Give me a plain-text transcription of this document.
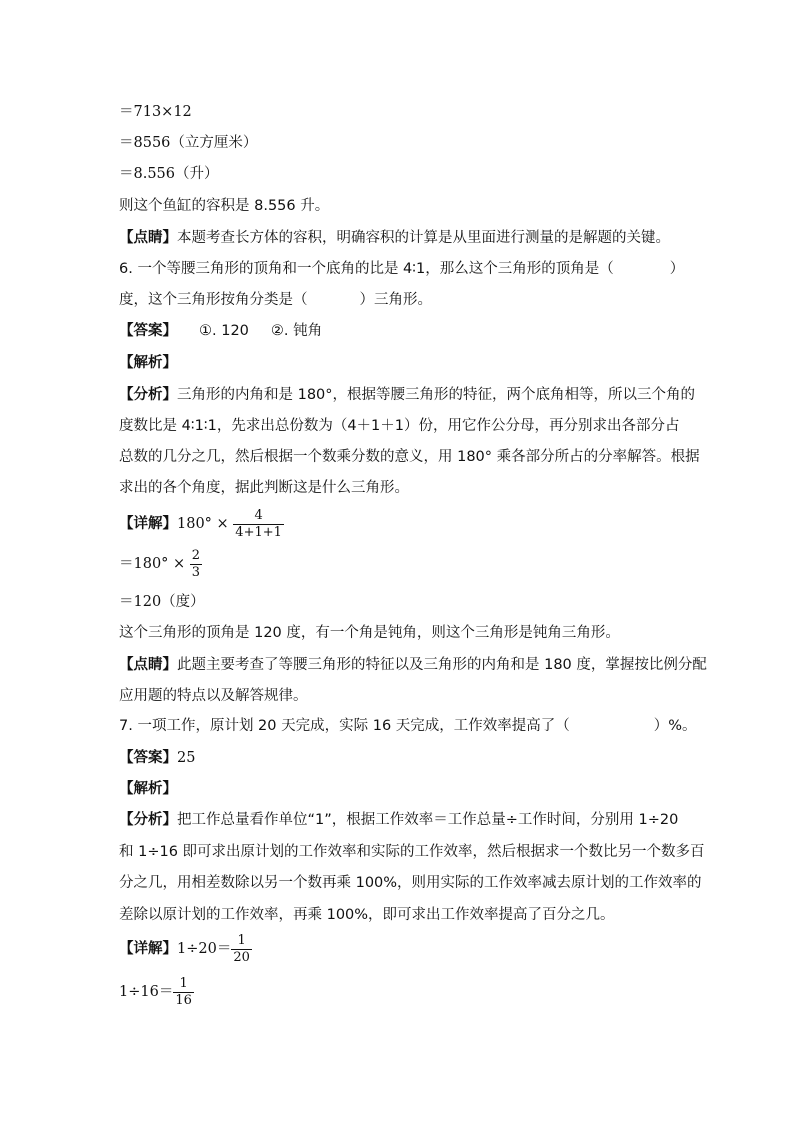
＝713×12
＝8556（立方厘米）
＝8.556（升）
则这个鱼缸的容积是 8.556 升。
【点睛】本题考查长方体的容积，明确容积的计算是从里面进行测量的是解题的关键。
6. 一个等腰三角形的顶角和一个底角的比是 4∶1，那么这个三角形的顶角是（	）
度，这个三角形按角分类是（	）三角形。
【答案】 ①. 120 ②. 钝角
【解析】
【分析】三角形的内角和是 180°，根据等腰三角形的特征，两个底角相等，所以三个角的
度数比是 4∶1∶1，先求出总份数为（4＋1＋1）份，用它作公分母，再分别求出各部分占
总数的几分之几，然后根据一个数乘分数的意义，用 180° 乘各部分所占的分率解答。根据
求出的各个角度，据此判断这是什么三角形。
【详解】$180^\circ \times \frac{4}{4+1+1}$
$=180^\circ \times \frac{2}{3}$
＝120（度）
这个三角形的顶角是 120 度，有一个角是钝角，则这个三角形是钝角三角形。
【点睛】此题主要考查了等腰三角形的特征以及三角形的内角和是 180 度，掌握按比例分配
应用题的特点以及解答规律。
7. 一项工作，原计划 20 天完成，实际 16 天完成，工作效率提高了（	）%。
【答案】25
【解析】
【分析】把工作总量看作单位“1”，根据工作效率＝工作总量÷工作时间，分别用 1÷20
和 1÷16 即可求出原计划的工作效率和实际的工作效率，然后根据求一个数比另一个数多百
分之几，用相差数除以另一个数再乘 100%，则用实际的工作效率减去原计划的工作效率的
差除以原计划的工作效率，再乘 100%，即可求出工作效率提高了百分之几。
【详解】$1\div 20= \frac{1}{20}$
$1\div 16= \frac{1}{16}$
